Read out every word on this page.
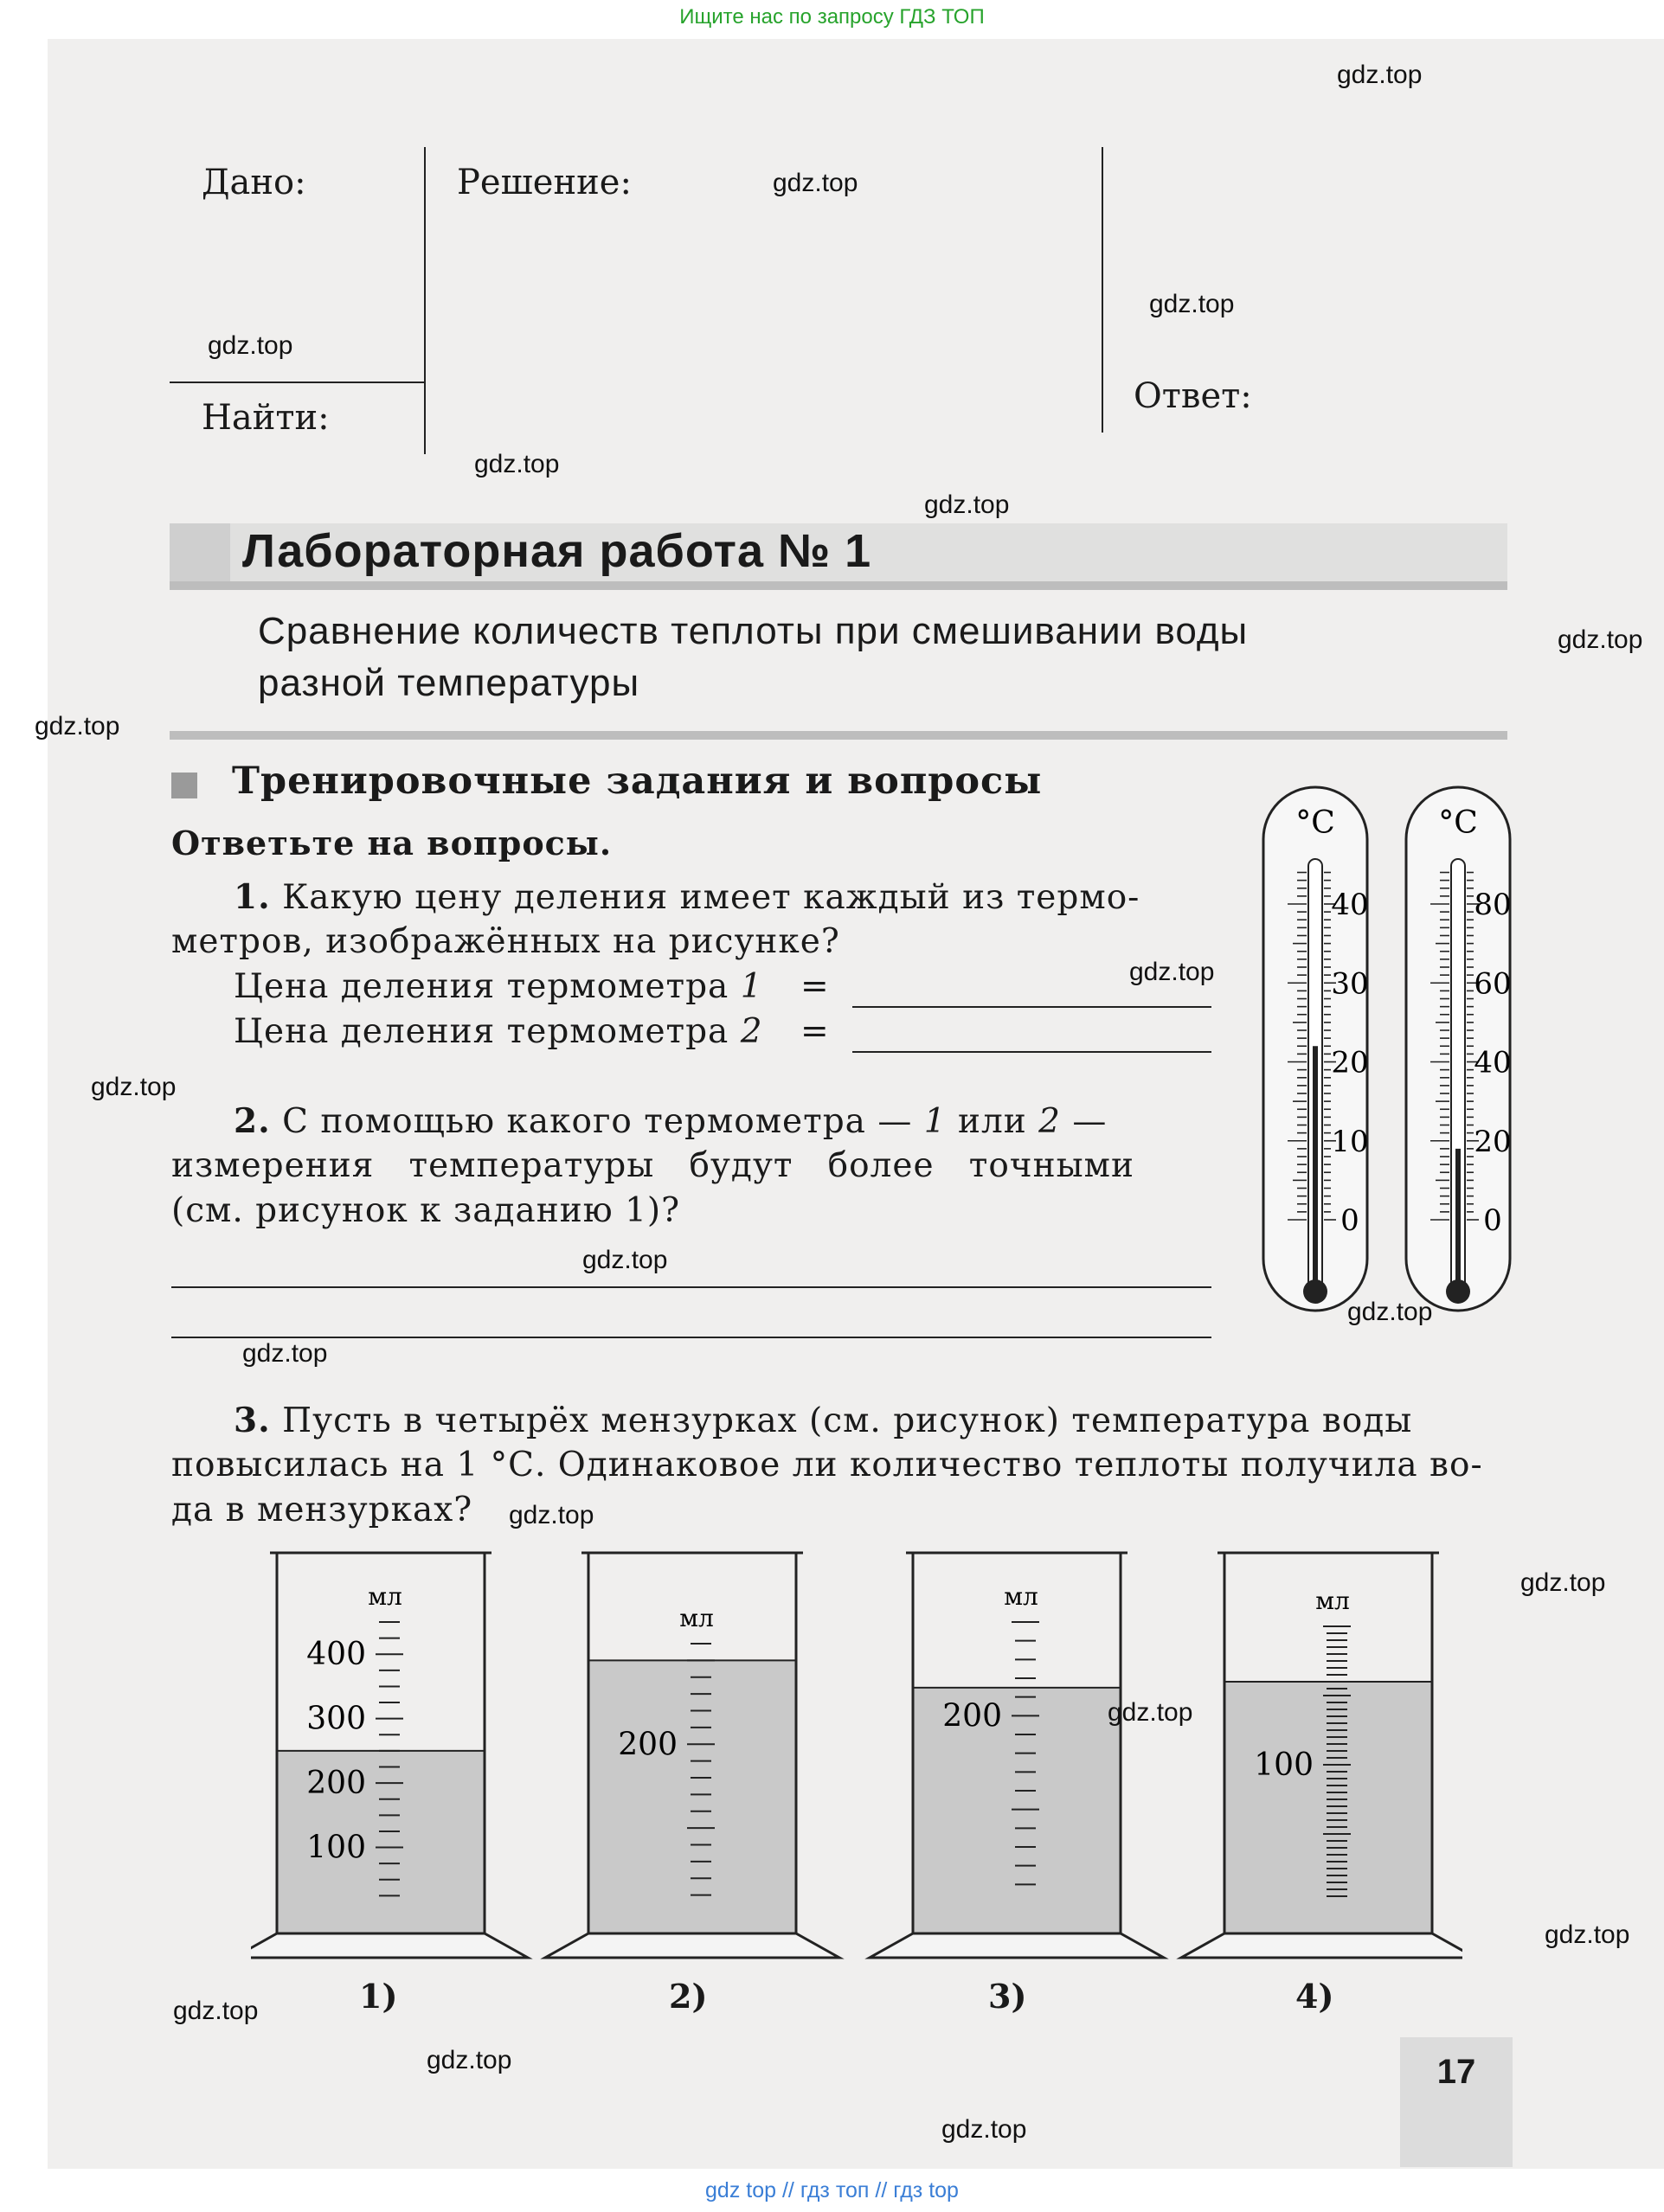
Ищите нас по запросу ГДЗ ТОП
Дано:	Решение:
Найти:
Ответ:
Лабораторная работа № 1
Сравнение количеств теплоты при смешивании воды
разной температуры
Тренировочные задания и вопросы
Ответьте на вопросы.
1. Какую цену деления имеет каждый из термо-
метров, изображённых на рисунке?
Цена деления термометра 1 =
Цена деления термометра 2 =
2. С помощью какого термометра — 1 или 2 —
измерения   температуры   будут   более   точными
(см. рисунок к заданию 1)?
3. Пусть в четырёх мензурках (см. рисунок) температура воды
повысилась на 1 °С. Одинаковое ли количество теплоты получила во-
да в мензурках?
°C
40
30
20
10
0
°C
80
60
40
20
0
мл
400
300
200
100
мл
200
мл
200
мл
100
1)	2)	3)	4)
17
gdz.top
gdz.top
gdz.top
gdz.top
gdz.top
gdz.top
gdz.top
gdz.top
gdz.top
gdz.top
gdz.top
gdz.top
gdz.top
gdz.top
gdz.top
gdz.top
gdz.top
gdz.top
gdz.top
gdz.top
gdz top // гдз топ // гдз top
